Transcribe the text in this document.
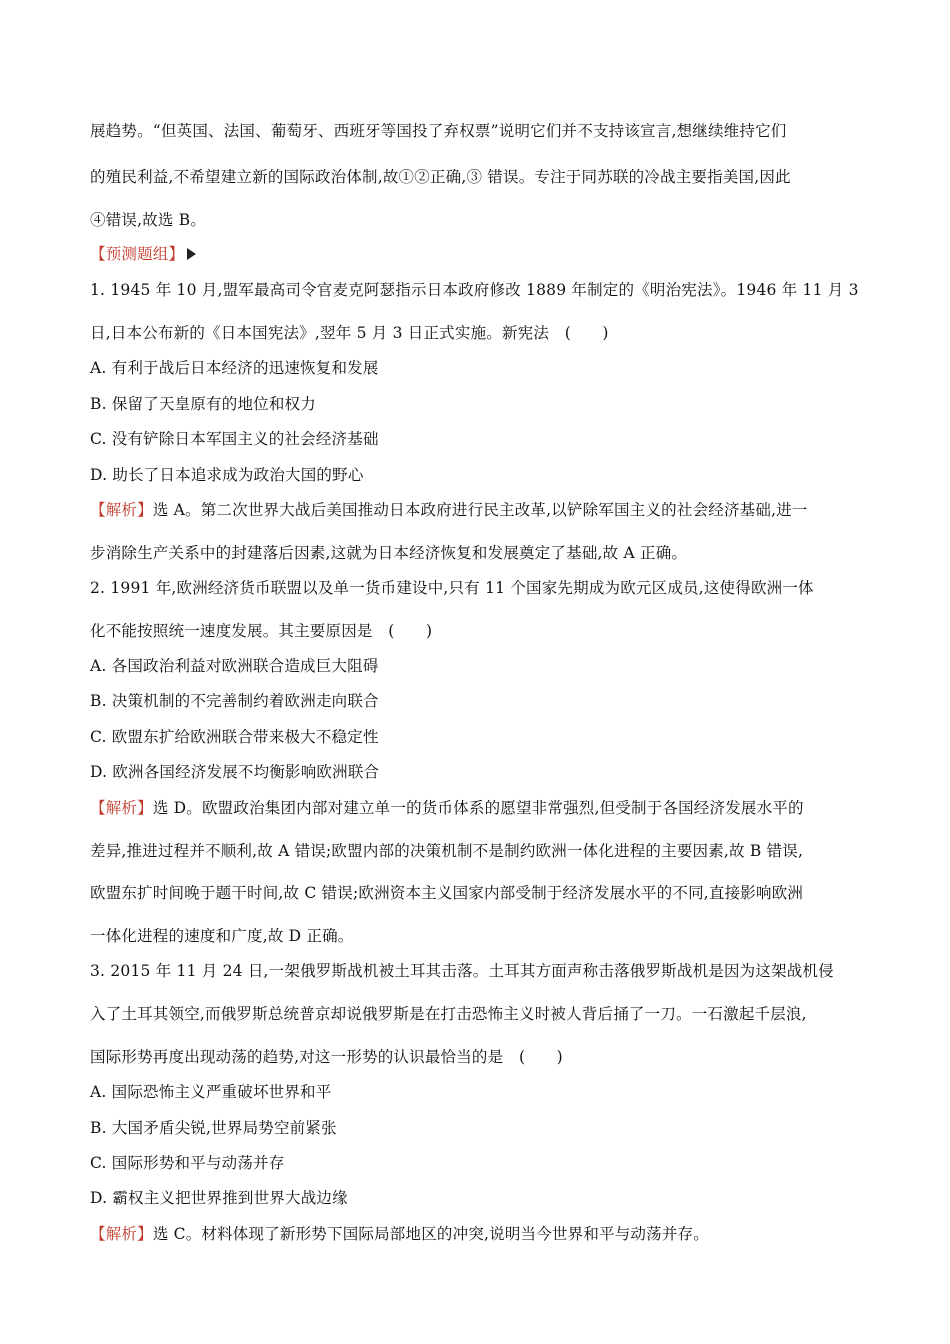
展趋势。“但英国、法国、葡萄牙、西班牙等国投了弃权票”说明它们并不支持该宣言,想继续维持它们
的殖民利益,不希望建立新的国际政治体制,故①②正确,③ 错误。专注于同苏联的冷战主要指美国,因此
④错误,故选 B。
【预测题组】
1. 1945 年 10 月,盟军最高司令官麦克阿瑟指示日本政府修改 1889 年制定的《明治宪法》。1946 年 11 月 3
日,日本公布新的《日本国宪法》,翌年 5 月 3 日正式实施。新宪法　(　　)
A. 有利于战后日本经济的迅速恢复和发展
B. 保留了天皇原有的地位和权力
C. 没有铲除日本军国主义的社会经济基础
D. 助长了日本追求成为政治大国的野心
【解析】选 A。第二次世界大战后美国推动日本政府进行民主改革,以铲除军国主义的社会经济基础,进一
步消除生产关系中的封建落后因素,这就为日本经济恢复和发展奠定了基础,故 A 正确。
2. 1991 年,欧洲经济货币联盟以及单一货币建设中,只有 11 个国家先期成为欧元区成员,这使得欧洲一体
化不能按照统一速度发展。其主要原因是　(　　)
A. 各国政治利益对欧洲联合造成巨大阻碍
B. 决策机制的不完善制约着欧洲走向联合
C. 欧盟东扩给欧洲联合带来极大不稳定性
D. 欧洲各国经济发展不均衡影响欧洲联合
【解析】选 D。欧盟政治集团内部对建立单一的货币体系的愿望非常强烈,但受制于各国经济发展水平的
差异,推进过程并不顺利,故 A 错误;欧盟内部的决策机制不是制约欧洲一体化进程的主要因素,故 B 错误,
欧盟东扩时间晚于题干时间,故 C 错误;欧洲资本主义国家内部受制于经济发展水平的不同,直接影响欧洲
一体化进程的速度和广度,故 D 正确。
3. 2015 年 11 月 24 日,一架俄罗斯战机被土耳其击落。土耳其方面声称击落俄罗斯战机是因为这架战机侵
入了土耳其领空,而俄罗斯总统普京却说俄罗斯是在打击恐怖主义时被人背后捅了一刀。一石激起千层浪,
国际形势再度出现动荡的趋势,对这一形势的认识最恰当的是　(　　)
A. 国际恐怖主义严重破坏世界和平
B. 大国矛盾尖锐,世界局势空前紧张
C. 国际形势和平与动荡并存
D. 霸权主义把世界推到世界大战边缘
【解析】选 C。材料体现了新形势下国际局部地区的冲突,说明当今世界和平与动荡并存。
